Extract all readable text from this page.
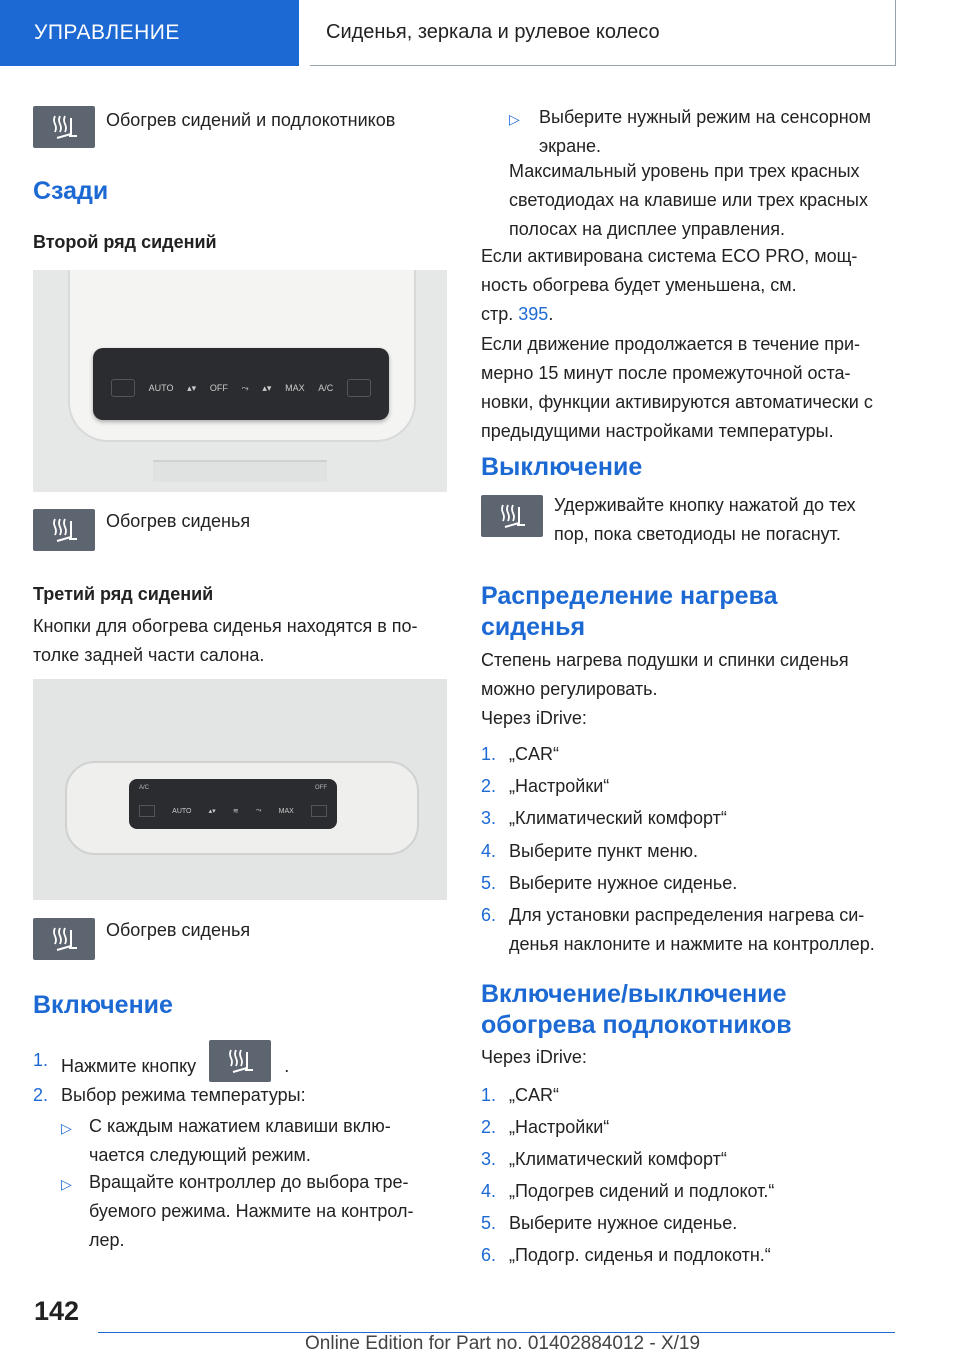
УПРАВЛЕНИЕ	Сиденья, зеркала и рулевое колесо
Обогрев сидений и подлокотников
Сзади
Второй ряд сидений
AUTO ▴▾ OFF ⤳ ▴▾ MAX A/C
Обогрев сиденья
Третий ряд сидений
Кнопки для обогрева сиденья находятся в по‐
толке задней части салона.
A/C	OFF
AUTO ▴▾ ≋ ⤳ MAX
Обогрев сиденья
Включение
1. Нажмите кнопку	.
2. Выбор режима температуры:
▷ С каждым нажатием клавиши вклю‐
чается следующий режим.
▷ Вращайте контроллер до выбора тре‐
буемого режима. Нажмите на контрол‐
лер.
▷ Выберите нужный режим на сенсорном
экране.
Максимальный уровень при трех красных
светодиодах на клавише или трех красных
полосах на дисплее управления.
Если активирована система ECO PRO, мощ‐
ность обогрева будет уменьшена, см.
стр. 395.
Если движение продолжается в течение при‐
мерно 15 минут после промежуточной оста‐
новки, функции активируются автоматически с
предыдущими настройками температуры.
Выключение
Удерживайте кнопку нажатой до тех
пор, пока светодиоды не погаснут.
Распределение нагрева
сиденья
Степень нагрева подушки и спинки сиденья
можно регулировать.
Через iDrive:
1. „CAR“
2. „Настройки“
3. „Климатический комфорт“
4. Выберите пункт меню.
5. Выберите нужное сиденье.
6. Для установки распределения нагрева си‐
денья наклоните и нажмите на контроллер.
Включение/выключение
обогрева подлокотников
Через iDrive:
1. „CAR“
2. „Настройки“
3. „Климатический комфорт“
4. „Подогрев сидений и подлокот.“
5. Выберите нужное сиденье.
6. „Подогр. сиденья и подлокотн.“
142
Online Edition for Part no. 01402884012 - X/19
